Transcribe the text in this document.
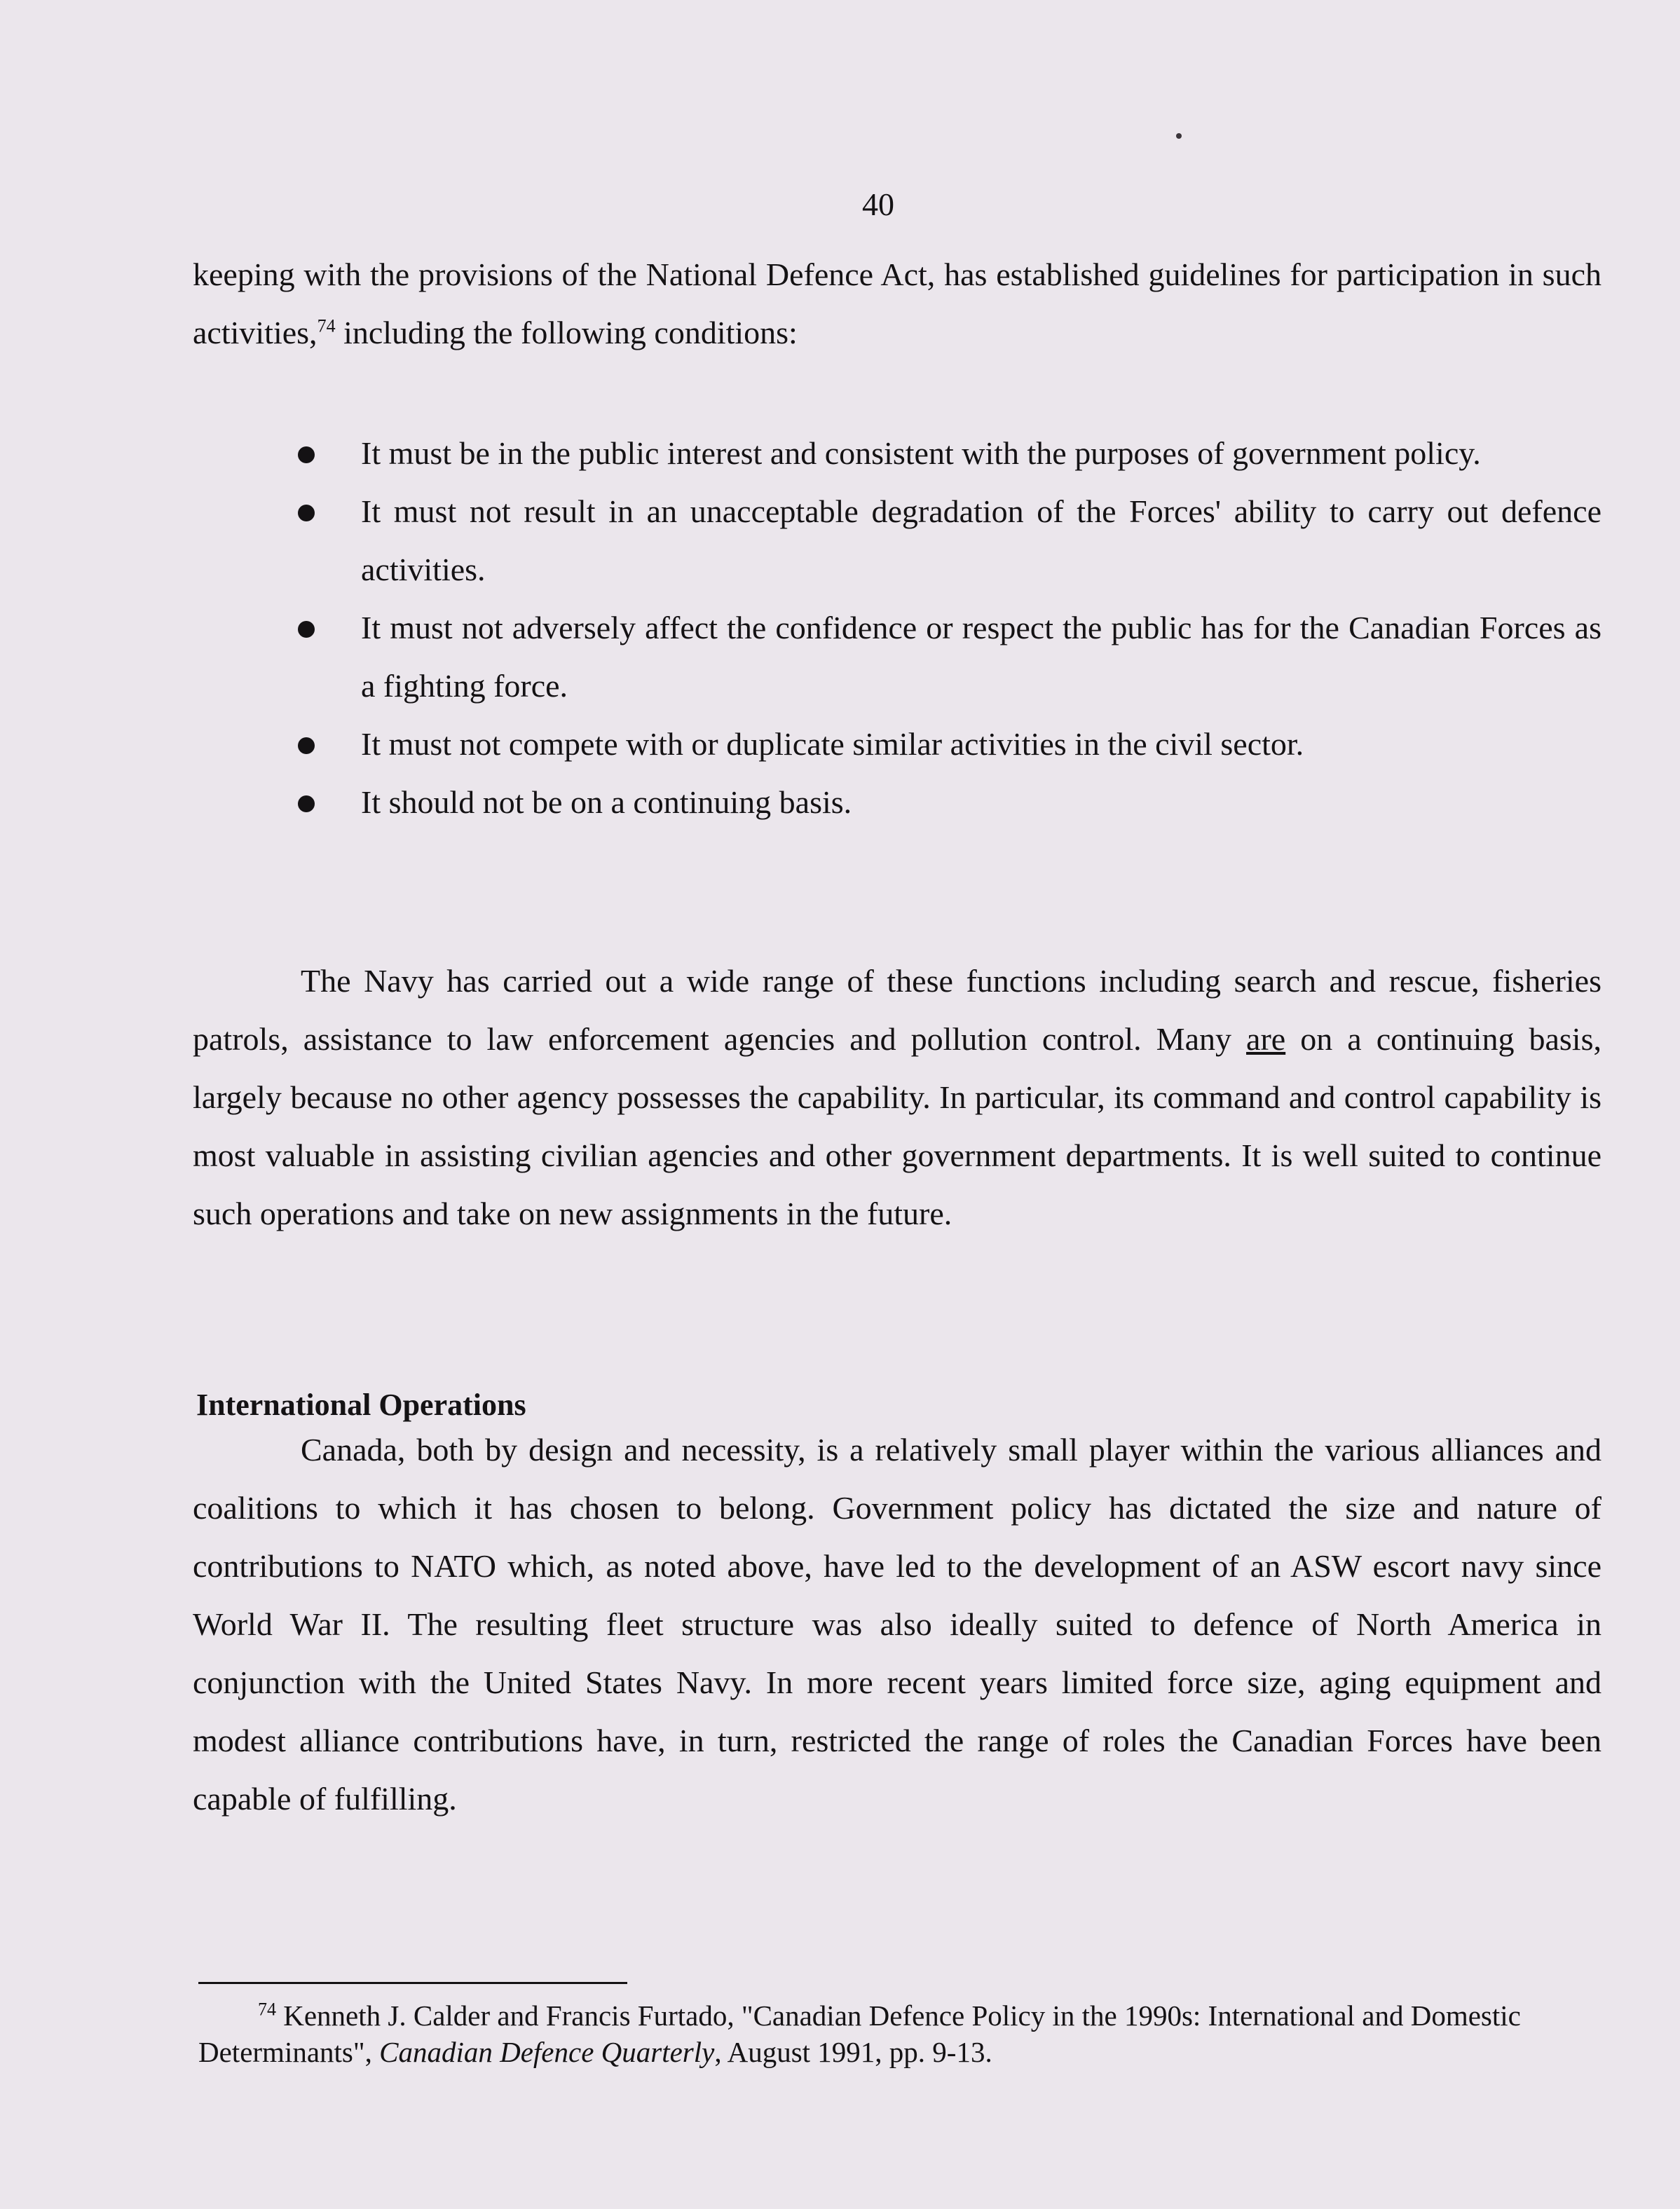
40

keeping with the provisions of the National Defence Act, has established guidelines for participation in such activities,$^{74}$ including the following conditions:

It must be in the public interest and consistent with the purposes of government policy.
It must not result in an unacceptable degradation of the Forces' ability to carry out defence activities.
It must not adversely affect the confidence or respect the public has for the Canadian Forces as a fighting force.
It must not compete with or duplicate similar activities in the civil sector.
It should not be on a continuing basis.

The Navy has carried out a wide range of these functions including search and rescue, fisheries patrols, assistance to law enforcement agencies and pollution control. Many are on a continuing basis, largely because no other agency possesses the capability. In particular, its command and control capability is most valuable in assisting civilian agencies and other government departments. It is well suited to continue such operations and take on new assignments in the future.

International Operations

Canada, both by design and necessity, is a relatively small player within the various alliances and coalitions to which it has chosen to belong. Government policy has dictated the size and nature of contributions to NATO which, as noted above, have led to the development of an ASW escort navy since World War II. The resulting fleet structure was also ideally suited to defence of North America in conjunction with the United States Navy. In more recent years limited force size, aging equipment and modest alliance contributions have, in turn, restricted the range of roles the Canadian Forces have been capable of fulfilling.

$^{74}$ Kenneth J. Calder and Francis Furtado, "Canadian Defence Policy in the 1990s: International and Domestic Determinants", Canadian Defence Quarterly, August 1991, pp. 9-13.
